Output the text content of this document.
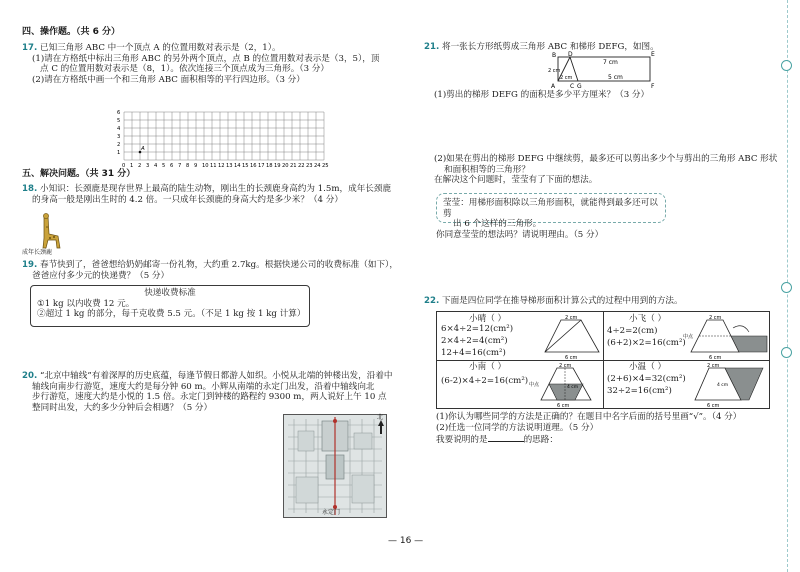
四、操作题。（共 6 分）
17. 已知三角形 ABC 中一个顶点 A 的位置用数对表示是（2，1）。
(1)请在方格纸中标出三角形 ABC 的另外两个顶点，点 B 的位置用数对表示是（3，5），顶
点 C 的位置用数对表示是（8，1）。依次连接三个顶点成为三角形。（3 分）
(2)请在方格纸中画一个和三角形 ABC 面积相等的平行四边形。（3 分）
0 1 2 3 4 5 6 7 8 9 10 11 12 13 14 15 16 17 18 19 20 21 22 23 24 25
1
2
3
4
5
6
A
五、解决问题。（共 31 分）
18. 小知识：长颈鹿是现存世界上最高的陆生动物，刚出生的长颈鹿身高约为 1.5m，成年长颈鹿
的身高一般是刚出生时的 4.2 倍。一只成年长颈鹿的身高大约是多少米？（4 分）
成年长颈鹿
19. 春节快到了，爸爸想给奶奶邮寄一份礼物，大约重 2.7kg。根据快递公司的收费标准（如下），
爸爸应付多少元的快递费？（5 分）
快递收费标准
①1 kg 以内收费 12 元。
②超过 1 kg 的部分，每千克收费 5.5 元。（不足 1 kg 按 1 kg 计算）
20. “北京中轴线”有着深厚的历史底蕴，每逢节假日都游人如织。小悦从北端的钟楼出发，沿着中
轴线向南步行游览，速度大约是每分钟 60 m。小辉从南端的永定门出发，沿着中轴线向北
步行游览，速度大约是小悦的 1.5 倍。永定门到钟楼的路程约 9300 m，两人说好上午 10 点
整同时出发，大约多少分钟后会相遇？（5 分）
北
永定门
21. 将一张长方形纸剪成三角形 ABC 和梯形 DEFG，如图。
D	E
F
A	G
B
C
7 cm
2 cm	5 cm
2 cm
(1)剪出的梯形 DEFG 的面积是多少平方厘米？（3 分）
(2)如果在剪出的梯形 DEFG 中继续剪，最多还可以剪出多少个与剪出的三角形 ABC 形状
和面积相等的三角形？
在解决这个问题时，莹莹有了下面的想法。
莹莹：用梯形面积除以三角形面积，就能得到最多还可以剪
出 6 个这样的三角形。
你同意莹莹的想法吗？请说明理由。（5 分）
22. 下面是四位同学在推导梯形面积计算公式的过程中用到的方法。
小晴（ ）
6×4÷2=12(cm²)
2×4÷2=4(cm²)
12+4=16(cm²)
2 cm
6 cm
小飞（ ）
4÷2=2(cm)
(6+2)×2=16(cm²)
中点
2 cm
6 cm
小南（ ）
(6-2)×4÷2=16(cm²) 中点
2 cm
6 cm
4 cm
小温（ ）
(2+6)×4=32(cm²)
32÷2=16(cm²)
2 cm
6 cm
4 cm
(1)你认为哪些同学的方法是正确的？在题目中名字后面的括号里画“√”。（4 分）
(2)任选一位同学的方法说明道理。（5 分）
我要说明的是	的思路：
— 16 —
